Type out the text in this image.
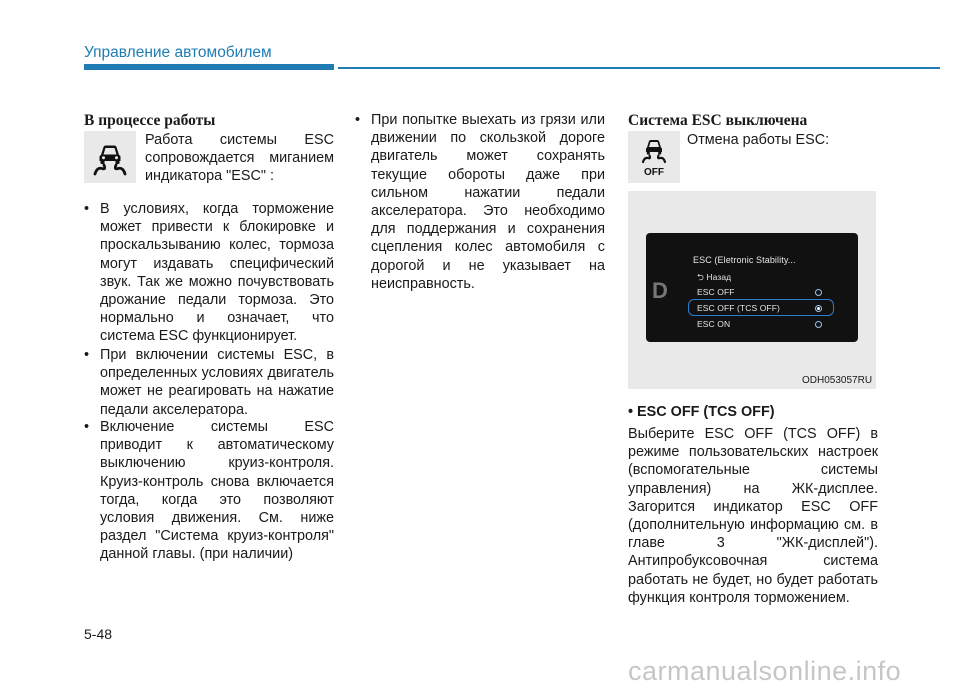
Управление автомобилем
В процессе работы
Работа системы ESC сопровождается миганием индикатора "ESC" :
• В условиях, когда торможение может привести к блокировке и проскальзыванию колес, тормоза могут издавать специфический звук. Так же можно почувствовать дрожание педали тормоза. Это нормально и означает, что система ESC функционирует.
• При включении системы ESC, в определенных условиях двигатель может не реагировать на нажатие педали акселератора.
• Включение системы ESC приводит к автоматическому выключению круиз-контроля. Круиз-контроль снова включается тогда, когда это позволяют условия движения. См. ниже раздел "Система круиз-контроля" данной главы. (при наличии)
• При попытке выехать из грязи или движении по скользкой дороге двигатель может сохранять текущие обороты даже при сильном нажатии педали акселератора. Это необходимо для поддержания и сохранения сцепления колес автомобиля с дорогой и не указывает на неисправность.
Система ESC выключена
OFF
Отмена работы ESC:
D
ESC (Eletronic Stability...
⮌ Назад
ESC OFF
ESC OFF (TCS OFF)
ESC ON
ODH053057RU
• ESC OFF (TCS OFF)
Выберите ESC OFF (TCS OFF) в режиме пользовательских настроек (вспомогательные системы управления) на ЖК-дисплее. Загорится индикатор ESC OFF (дополнительную информацию см. в главе 3 "ЖК-дисплей"). Антипробуксовочная система работать не будет, но будет работать функция контроля торможением.
5-48
carmanualsonline.info
